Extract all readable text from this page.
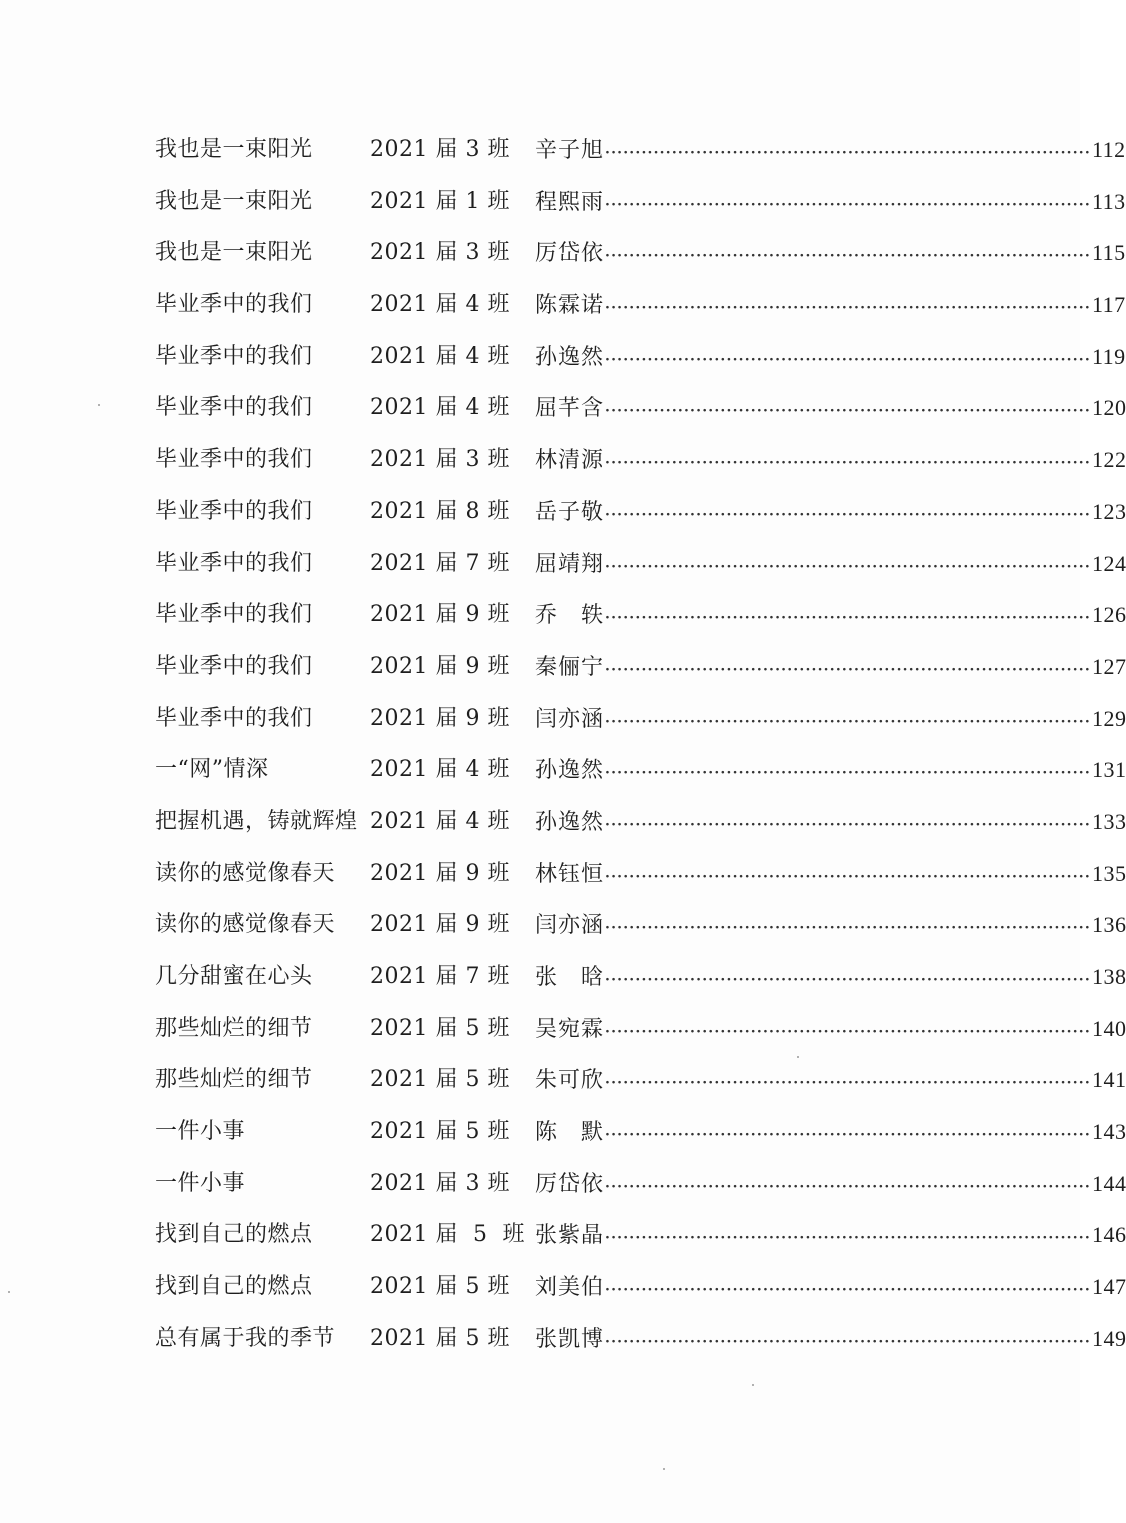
我也是一束阳光	2021 届 3 班 辛子旭 ················································································ 112
我也是一束阳光	2021 届 1 班 程熙雨 ················································································ 113
我也是一束阳光	2021 届 3 班 厉岱依 ················································································ 115
毕业季中的我们	2021 届 4 班 陈霖诺 ················································································ 117
毕业季中的我们	2021 届 4 班 孙逸然 ················································································ 119
毕业季中的我们	2021 届 4 班 屈芊含 ················································································ 120
毕业季中的我们	2021 届 3 班 林清源 ················································································ 122
毕业季中的我们	2021 届 8 班 岳子敬 ················································································ 123
毕业季中的我们	2021 届 7 班 屈靖翔 ················································································ 124
毕业季中的我们	2021 届 9 班 乔　轶 ················································································ 126
毕业季中的我们	2021 届 9 班 秦俪宁 ················································································ 127
毕业季中的我们	2021 届 9 班 闫亦涵 ················································································ 129
一“网”情深	2021 届 4 班 孙逸然 ················································································ 131
把握机遇，铸就辉煌 2021 届 4 班 孙逸然 ················································································ 133
读你的感觉像春天 2021 届 9 班 林钰恒 ················································································ 135
读你的感觉像春天 2021 届 9 班 闫亦涵 ················································································ 136
几分甜蜜在心头	2021 届 7 班 张　晗 ················································································ 138
那些灿烂的细节	2021 届 5 班 吴宛霖 ················································································ 140
那些灿烂的细节	2021 届 5 班 朱可欣 ················································································ 141
一件小事	2021 届 5 班 陈　默 ················································································ 143
一件小事	2021 届 3 班 厉岱依 ················································································ 144
找到自己的燃点	2021 届  5  班 张紫晶 ················································································ 146
找到自己的燃点	2021 届 5 班 刘美伯 ················································································ 147
总有属于我的季节 2021 届 5 班 张凯博 ················································································ 149
